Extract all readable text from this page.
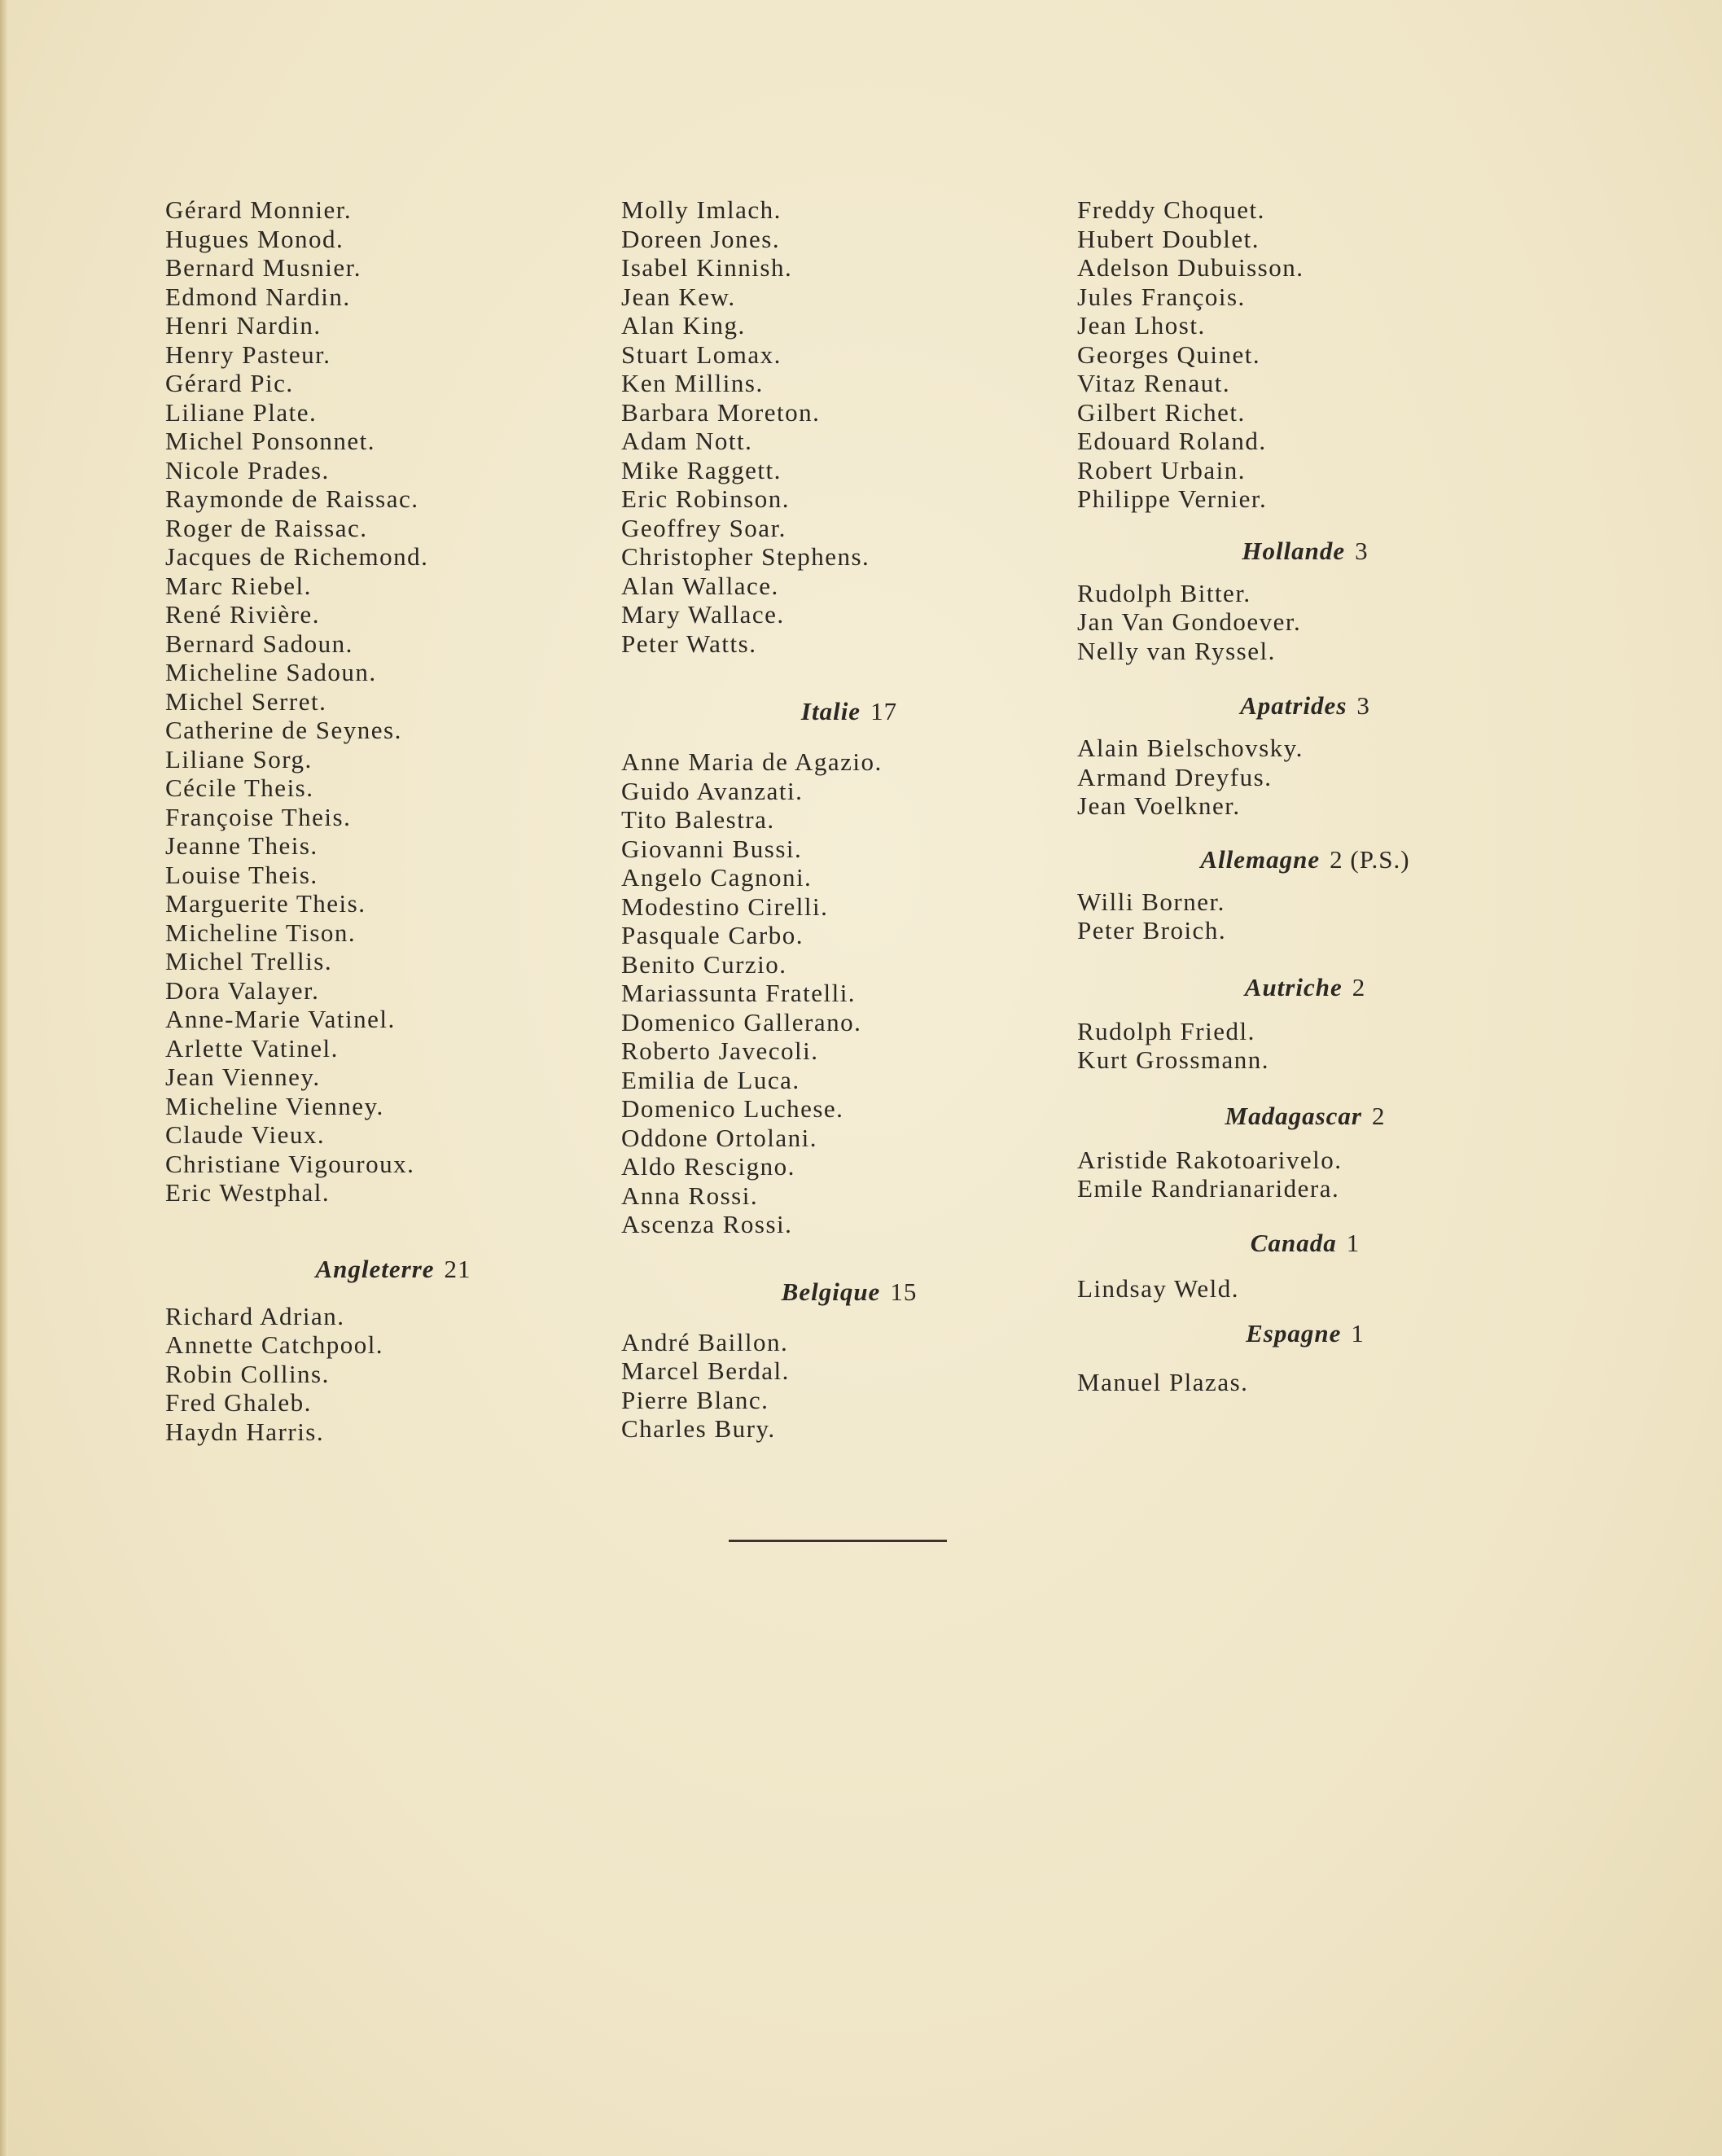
Gérard Monnier.
Hugues Monod.
Bernard Musnier.
Edmond Nardin.
Henri Nardin.
Henry Pasteur.
Gérard Pic.
Liliane Plate.
Michel Ponsonnet.
Nicole Prades.
Raymonde de Raissac.
Roger de Raissac.
Jacques de Richemond.
Marc Riebel.
René Rivière.
Bernard Sadoun.
Micheline Sadoun.
Michel Serret.
Catherine de Seynes.
Liliane Sorg.
Cécile Theis.
Françoise Theis.
Jeanne Theis.
Louise Theis.
Marguerite Theis.
Micheline Tison.
Michel Trellis.
Dora Valayer.
Anne-Marie Vatinel.
Arlette Vatinel.
Jean Vienney.
Micheline Vienney.
Claude Vieux.
Christiane Vigouroux.
Eric Westphal.
Angleterre 21
Richard Adrian.
Annette Catchpool.
Robin Collins.
Fred Ghaleb.
Haydn Harris.
Molly Imlach.
Doreen Jones.
Isabel Kinnish.
Jean Kew.
Alan King.
Stuart Lomax.
Ken Millins.
Barbara Moreton.
Adam Nott.
Mike Raggett.
Eric Robinson.
Geoffrey Soar.
Christopher Stephens.
Alan Wallace.
Mary Wallace.
Peter Watts.
Italie 17
Anne Maria de Agazio.
Guido Avanzati.
Tito Balestra.
Giovanni Bussi.
Angelo Cagnoni.
Modestino Cirelli.
Pasquale Carbo.
Benito Curzio.
Mariassunta Fratelli.
Domenico Gallerano.
Roberto Javecoli.
Emilia de Luca.
Domenico Luchese.
Oddone Ortolani.
Aldo Rescigno.
Anna Rossi.
Ascenza Rossi.
Belgique 15
André Baillon.
Marcel Berdal.
Pierre Blanc.
Charles Bury.
Freddy Choquet.
Hubert Doublet.
Adelson Dubuisson.
Jules François.
Jean Lhost.
Georges Quinet.
Vitaz Renaut.
Gilbert Richet.
Edouard Roland.
Robert Urbain.
Philippe Vernier.
Hollande 3
Rudolph Bitter.
Jan Van Gondoever.
Nelly van Ryssel.
Apatrides 3
Alain Bielschovsky.
Armand Dreyfus.
Jean Voelkner.
Allemagne 2 (P.S.)
Willi Borner.
Peter Broich.
Autriche 2
Rudolph Friedl.
Kurt Grossmann.
Madagascar 2
Aristide Rakotoarivelo.
Emile Randrianaridera.
Canada 1
Lindsay Weld.
Espagne 1
Manuel Plazas.
